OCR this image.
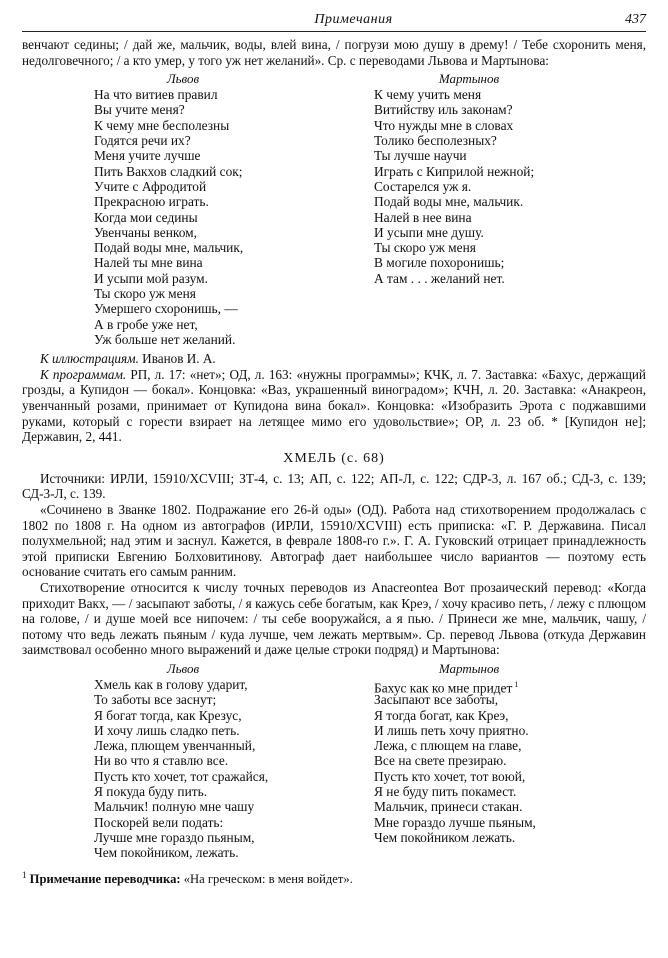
Примечания	437

венчают седины; / дай же, мальчик, воды, влей вина, / погрузи мою душу в дрему! / Тебе схоронить меня, недолговечного; / а кто умер, у того уж нет желаний». Ср. с переводами Львова и Мартынова:

Львов
На что витиев правил
Вы учите меня?
К чему мне бесполезны
Годятся речи их?
Меня учите лучше
Пить Вакхов сладкий сок;
Учите с Афродитой
Прекрасною играть.
Когда мои седины
Увенчаны венком,
Подай воды мне, мальчик,
Налей ты мне вина
И усыпи мой разум.
Ты скоро уж меня
Умершего схоронишь, —
А в гробе уже нет,
Уж больше нет желаний.
Мартынов
К чему учить меня
Витийству иль законам?
Что нужды мне в словах
Толико бесполезных?
Ты лучше научи
Играть с Киприлой нежной;
Состарелся уж я.
Подай воды мне, мальчик.
Налей в нее вина
И усыпи мне душу.
Ты скоро уж меня
В могиле похоронишь;
А там . . . желаний нет.

К иллюстрациям. Иванов И. А.

К программам. РП, л. 17: «нет»; ОД, л. 163: «нужны программы»; КЧК, л. 7. Заставка: «Бахус, держащий грозды, а Купидон — бокал». Концовка: «Ваз, украшенный виноградом»; КЧН, л. 20. Заставка: «Анакреон, увенчанный розами, принимает от Купидона вина бокал». Концовка: «Изобразить Эрота с поджавшими руками, который с горести взирает на летящее мимо его удовольствие»; ОР, л. 23 об. * [Купидон не]; Державин, 2, 441.

ХМЕЛЬ (с. 68)

Источники: ИРЛИ, 15910/XCVIII; ЗТ-4, с. 13; АП, с. 122; АП-Л, с. 122; СДР-3, л. 167 об.; СД-3, с. 139; СД-3-Л, с. 139.

«Сочинено в Званке 1802. Подражание его 26-й оды» (ОД). Работа над стихотворением продолжалась с 1802 по 1808 г. На одном из автографов (ИРЛИ, 15910/XCVIII) есть приписка: «Г. Р. Державина. Писал полухмельной; над этим и заснул. Кажется, в феврале 1808-го г.». Г. А. Гуковский отрицает принадлежность этой приписки Евгению Болховитинову. Автограф дает наибольшее число вариантов — поэтому есть основание считать его самым ранним.

Стихотворение относится к числу точных переводов из Anacreontea Вот прозаический перевод: «Когда приходит Вакх, — / засыпают заботы, / я кажусь себе богатым, как Креэ, / хочу красиво петь, / лежу с плющом на голове, / и душе моей все нипочем: / ты себе вооружайся, а я пью. / Принеси же мне, мальчик, чашу, / потому что ведь лежать пьяным / куда лучше, чем лежать мертвым». Ср. перевод Львова (откуда Державин заимствовал особенно много выражений и даже целые строки подряд) и Мартынова:

Львов
Хмель как в голову ударит,
То заботы все заснут;
Я богат тогда, как Крезус,
И хочу лишь сладко петь.
Лежа, плющем увенчанный,
Ни во что я ставлю все.
Пусть кто хочет, тот сражайся,
Я покуда буду пить.
Мальчик! полную мне чашу
Поскорей вели подать:
Лучше мне гораздо пьяным,
Чем покойником, лежать.
Мартынов
Бахус как ко мне придет $^1$
Засыпают все заботы,
Я тогда богат, как Креэ,
И лишь петь хочу приятно.
Лежа, с плющем на главе,
Все на свете презираю.
Пусть кто хочет, тот воюй,
Я не буду пить покамест.
Мальчик, принеси стакан.
Мне гораздо лучше пьяным,
Чем покойником лежать.
$^1$ Примечание переводчика: «На греческом: в меня войдет».
